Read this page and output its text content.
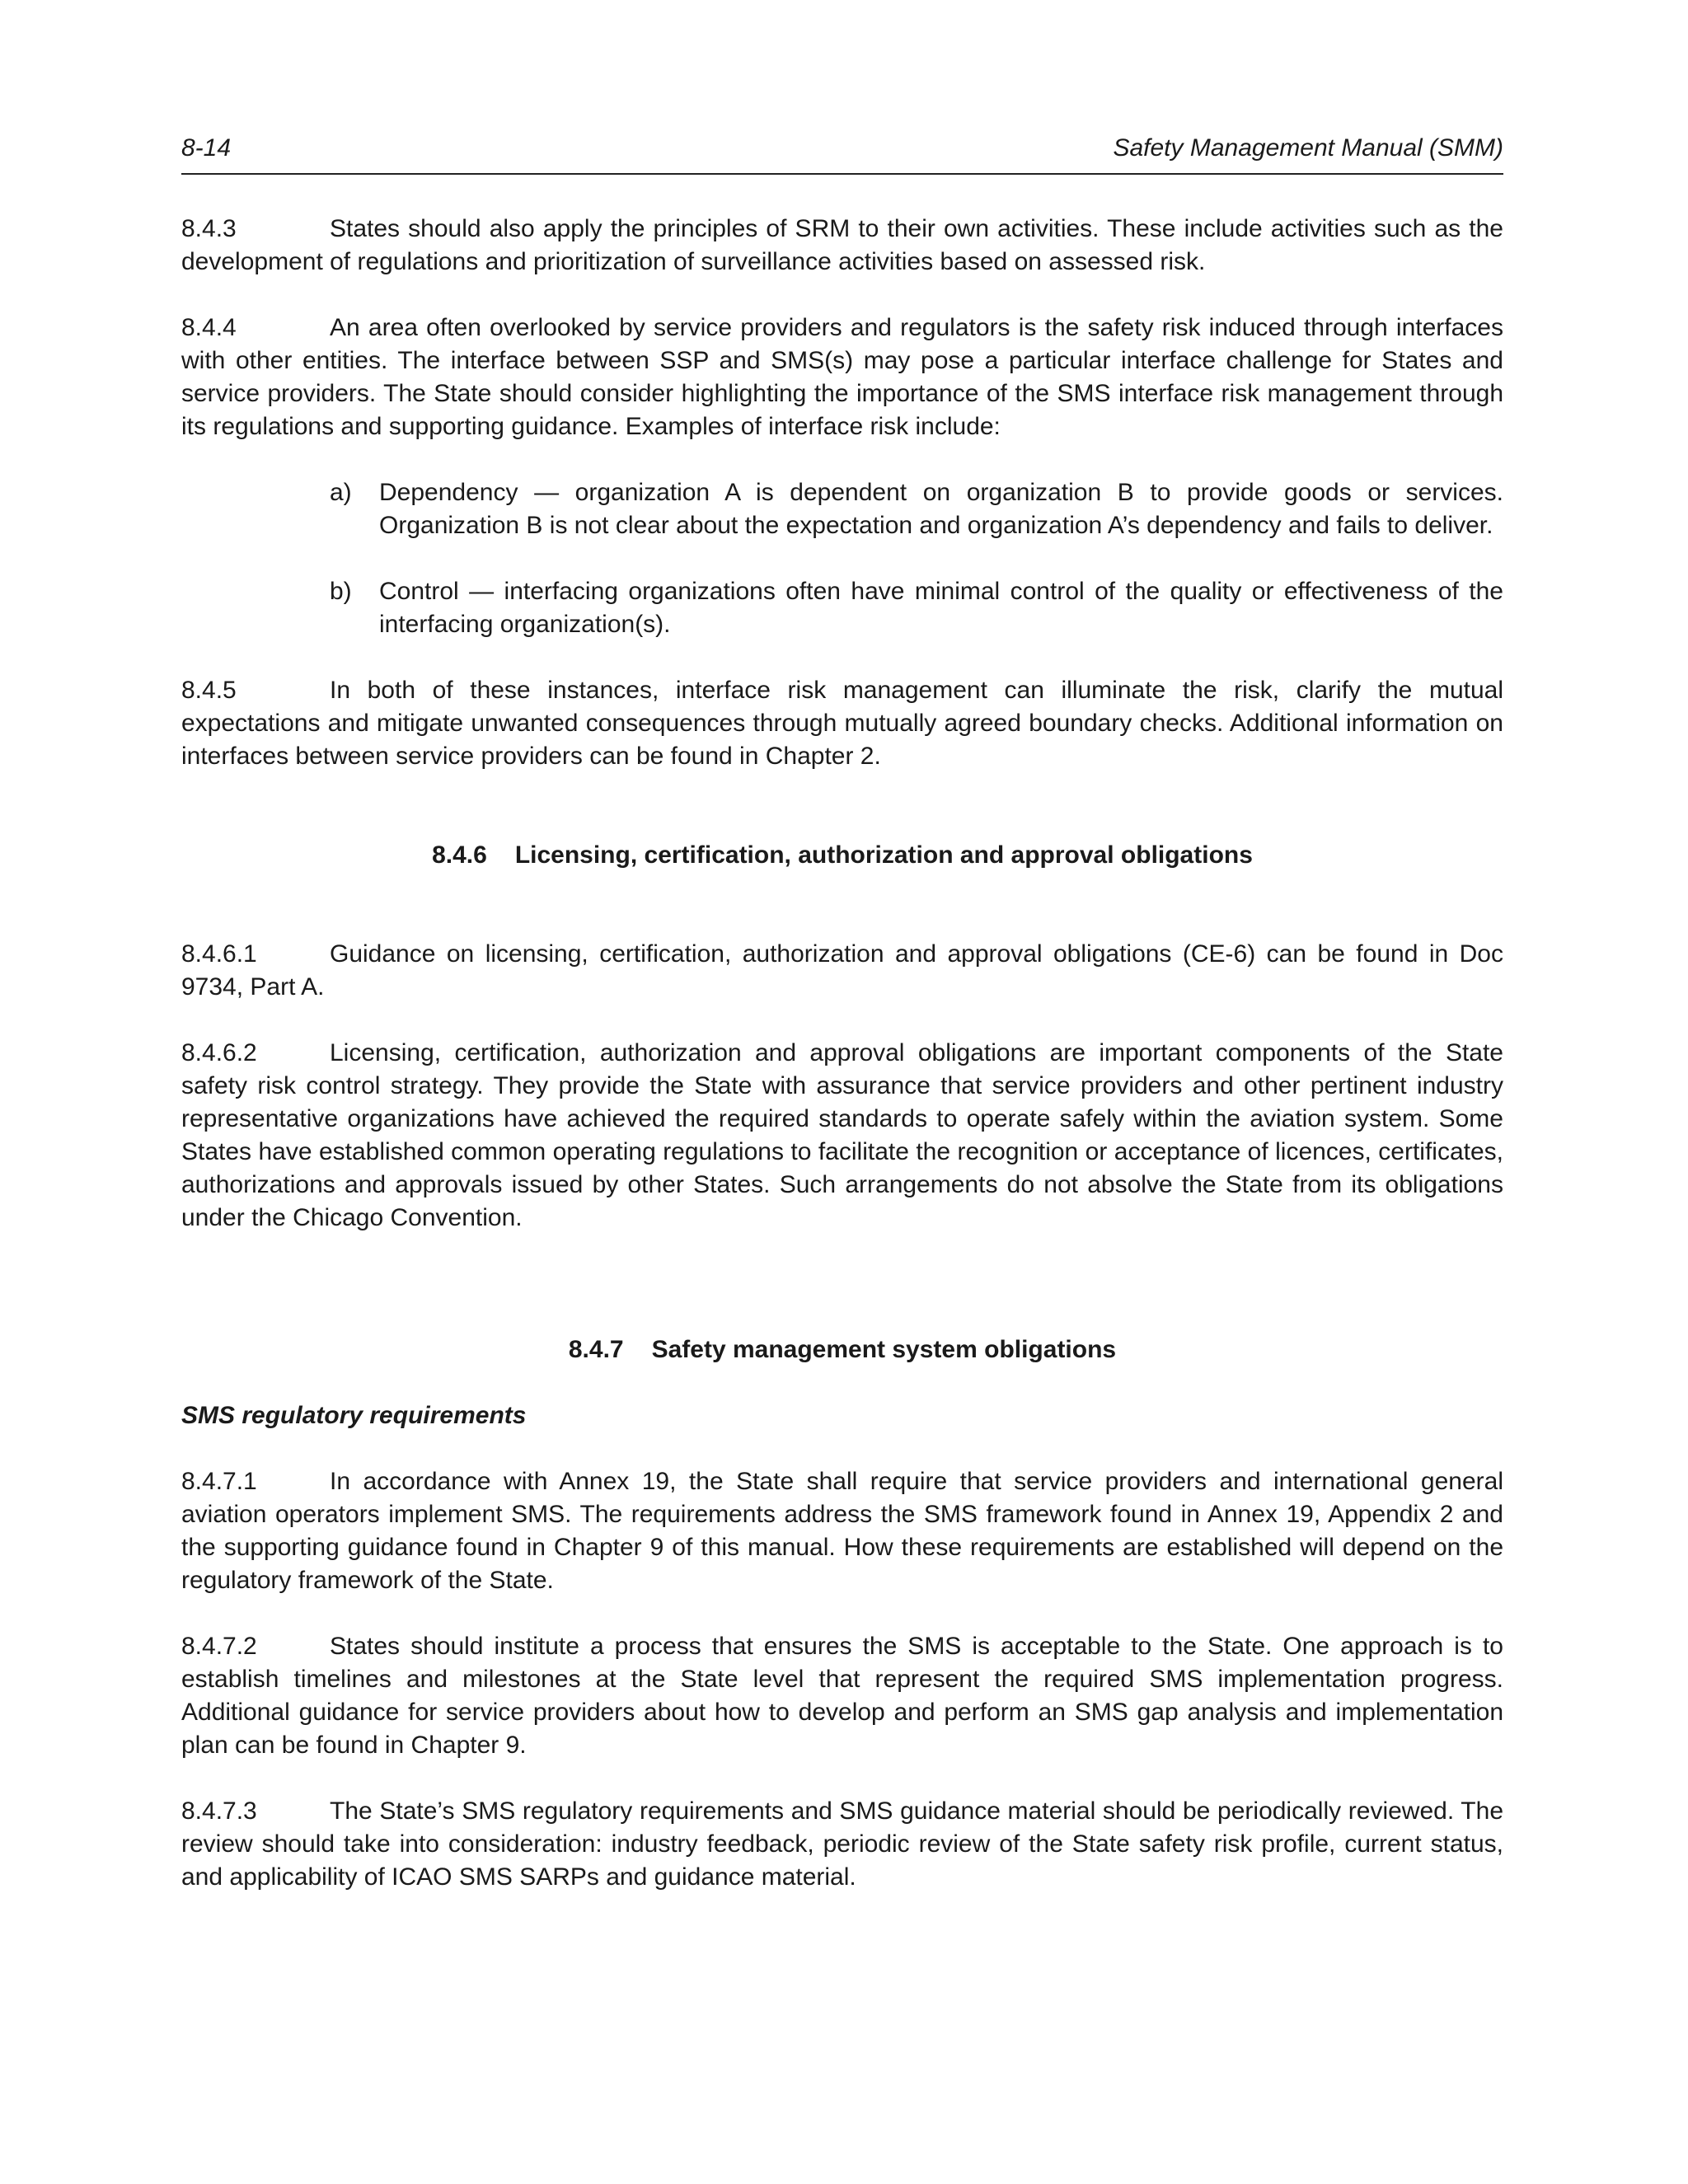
8-14	Safety Management Manual (SMM)
8.4.3	States should also apply the principles of SRM to their own activities. These include activities such as the development of regulations and prioritization of surveillance activities based on assessed risk.
8.4.4	An area often overlooked by service providers and regulators is the safety risk induced through interfaces with other entities. The interface between SSP and SMS(s) may pose a particular interface challenge for States and service providers. The State should consider highlighting the importance of the SMS interface risk management through its regulations and supporting guidance. Examples of interface risk include:
a) Dependency — organization A is dependent on organization B to provide goods or services. Organization B is not clear about the expectation and organization A’s dependency and fails to deliver.
b) Control — interfacing organizations often have minimal control of the quality or effectiveness of the interfacing organization(s).
8.4.5	In both of these instances, interface risk management can illuminate the risk, clarify the mutual expectations and mitigate unwanted consequences through mutually agreed boundary checks. Additional information on interfaces between service providers can be found in Chapter 2.
8.4.6 Licensing, certification, authorization and approval obligations
8.4.6.1	Guidance on licensing, certification, authorization and approval obligations (CE-6) can be found in Doc 9734, Part A.
8.4.6.2	Licensing, certification, authorization and approval obligations are important components of the State safety risk control strategy. They provide the State with assurance that service providers and other pertinent industry representative organizations have achieved the required standards to operate safely within the aviation system. Some States have established common operating regulations to facilitate the recognition or acceptance of licences, certificates, authorizations and approvals issued by other States. Such arrangements do not absolve the State from its obligations under the Chicago Convention.
8.4.7 Safety management system obligations
SMS regulatory requirements
8.4.7.1	In accordance with Annex 19, the State shall require that service providers and international general aviation operators implement SMS. The requirements address the SMS framework found in Annex 19, Appendix 2 and the supporting guidance found in Chapter 9 of this manual. How these requirements are established will depend on the regulatory framework of the State.
8.4.7.2	States should institute a process that ensures the SMS is acceptable to the State. One approach is to establish timelines and milestones at the State level that represent the required SMS implementation progress. Additional guidance for service providers about how to develop and perform an SMS gap analysis and implementation plan can be found in Chapter 9.
8.4.7.3	The State’s SMS regulatory requirements and SMS guidance material should be periodically reviewed. The review should take into consideration: industry feedback, periodic review of the State safety risk profile, current status, and applicability of ICAO SMS SARPs and guidance material.
